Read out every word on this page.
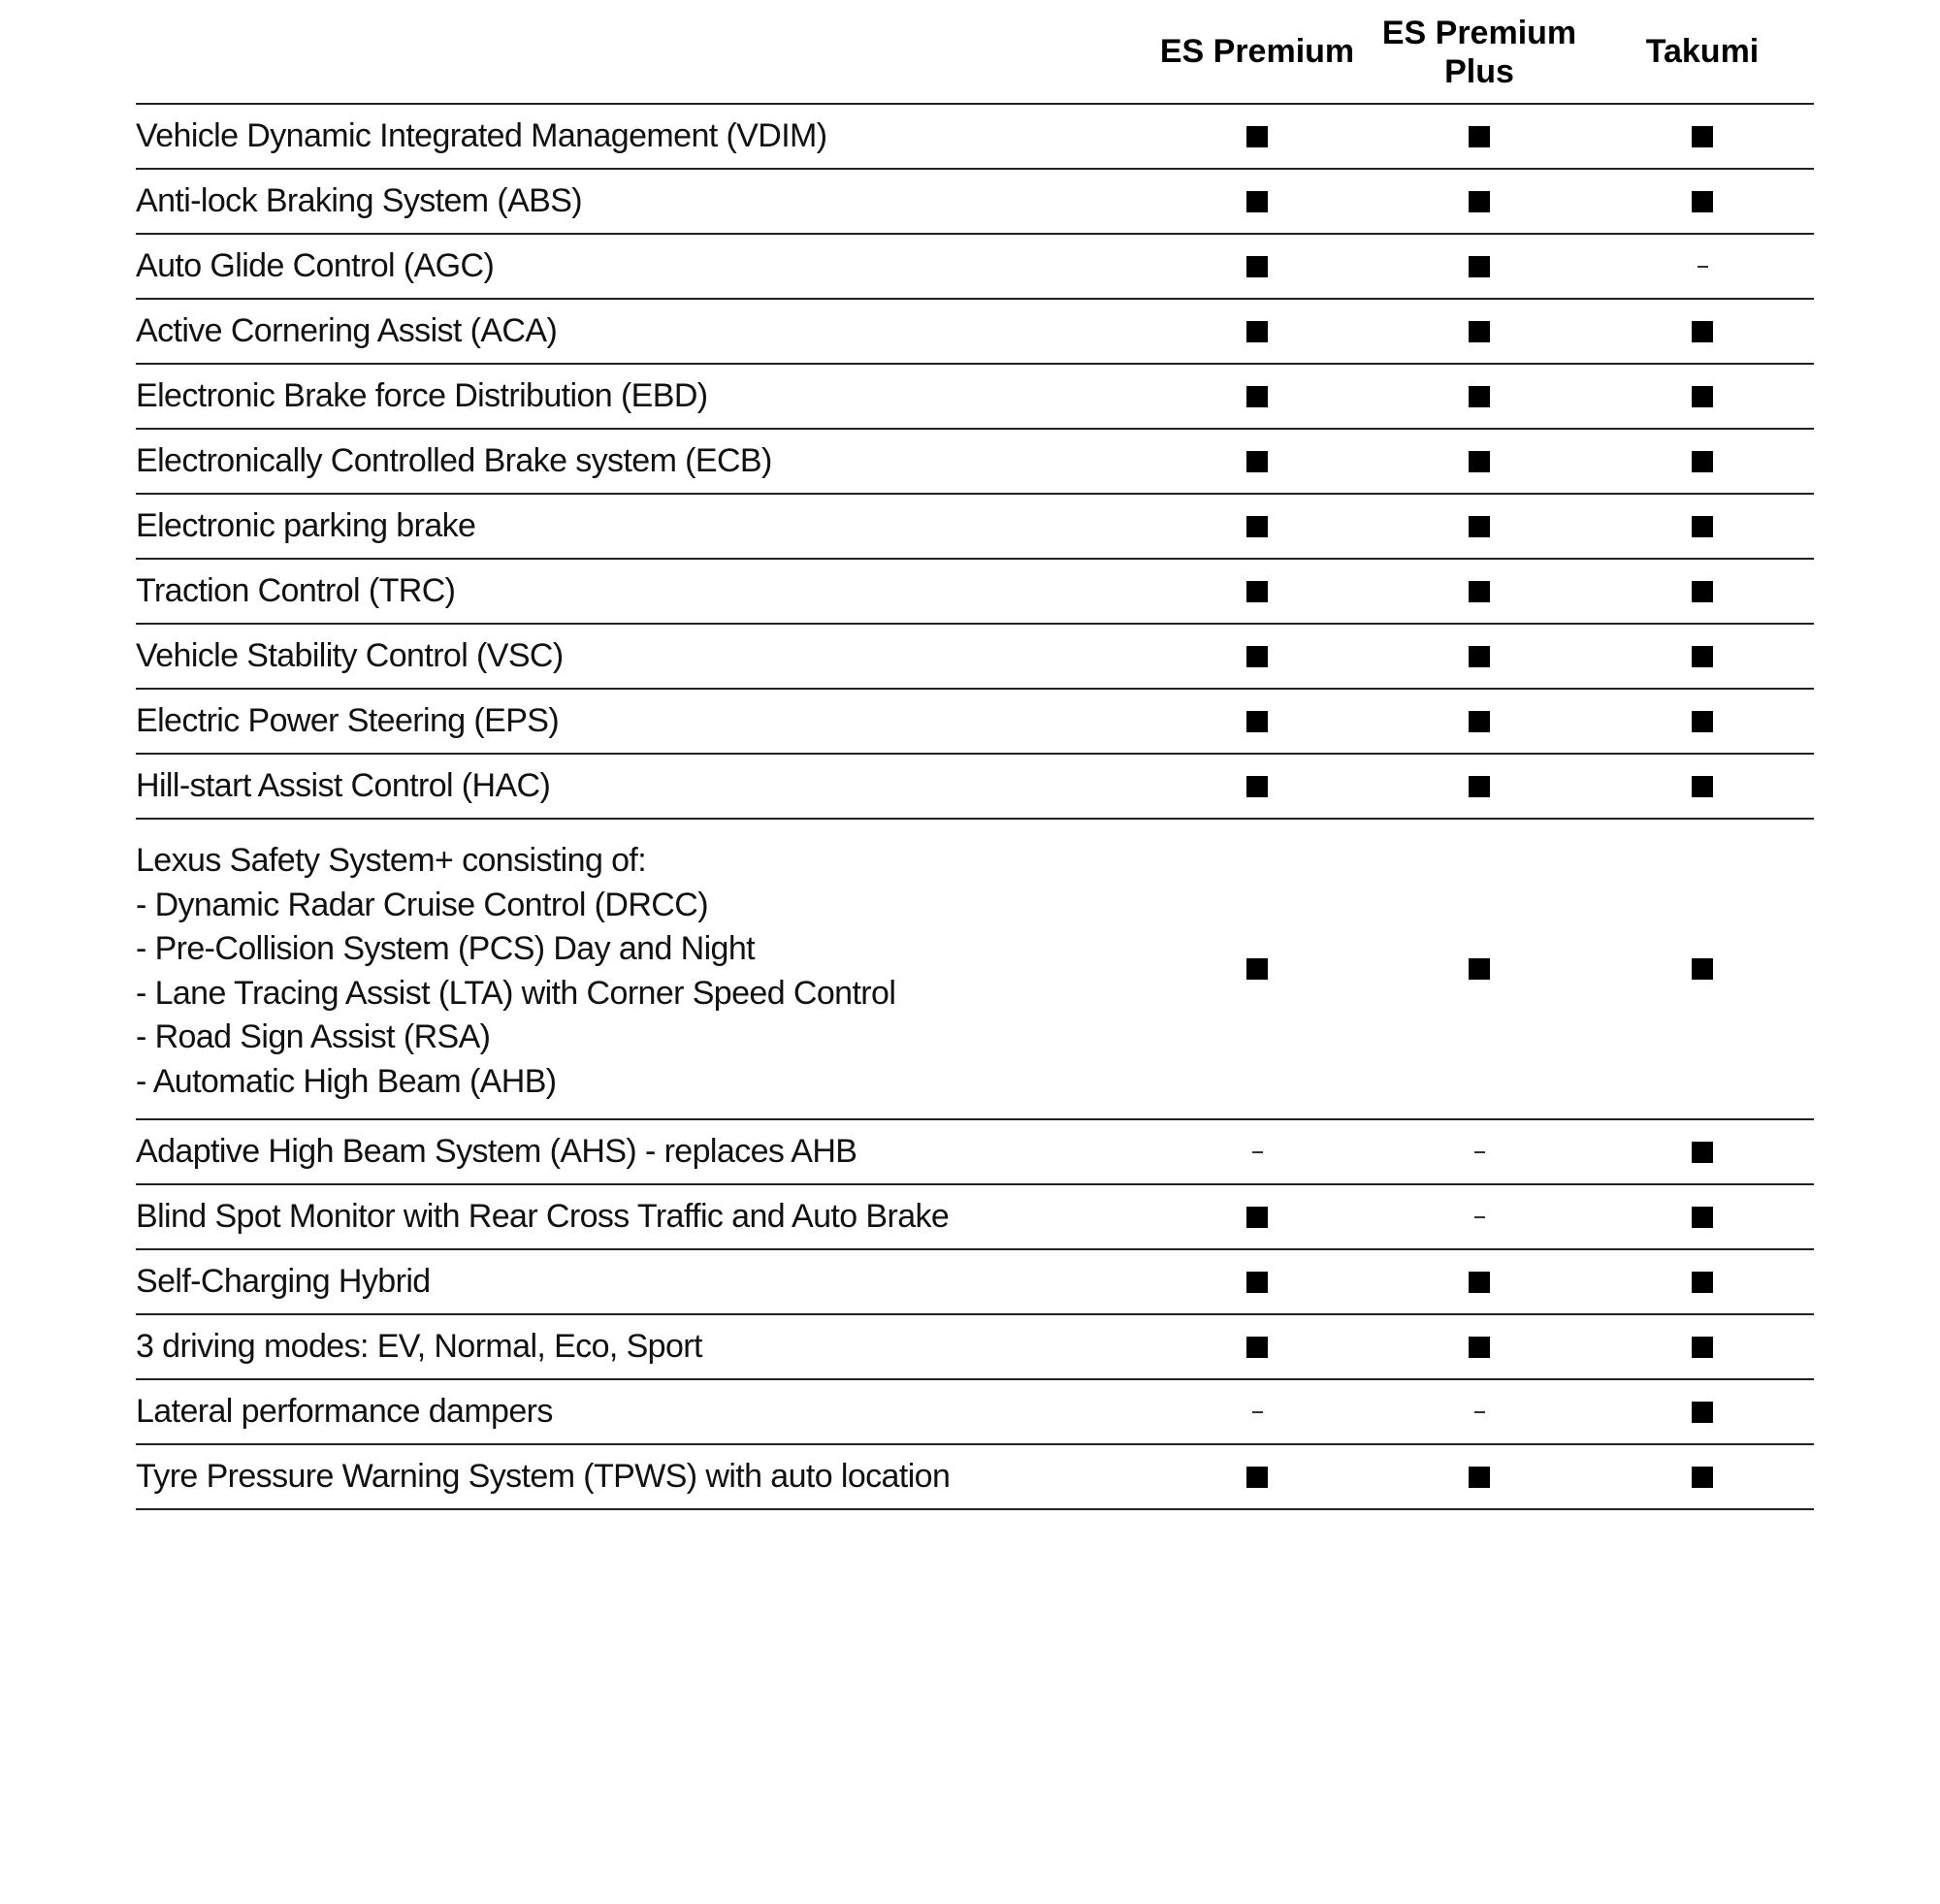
ES Premium ES Premium
Plus
Takumi
Vehicle Dynamic Integrated Management (VDIM)
Anti-lock Braking System (ABS)
Auto Glide Control (AGC)
Active Cornering Assist (ACA)
Electronic Brake force Distribution (EBD)
Electronically Controlled Brake system (ECB)
Electronic parking brake
Traction Control (TRC)
Vehicle Stability Control (VSC)
Electric Power Steering (EPS)
Hill-start Assist Control (HAC)
Lexus Safety System+ consisting of:
- Dynamic Radar Cruise Control (DRCC)
- Pre-Collision System (PCS) Day and Night
- Lane Tracing Assist (LTA) with Corner Speed Control
- Road Sign Assist (RSA)
- Automatic High Beam (AHB)
Adaptive High Beam System (AHS) - replaces AHB
Blind Spot Monitor with Rear Cross Traffic and Auto Brake
Self-Charging Hybrid
3 driving modes: EV, Normal, Eco, Sport
Lateral performance dampers
Tyre Pressure Warning System (TPWS) with auto location
